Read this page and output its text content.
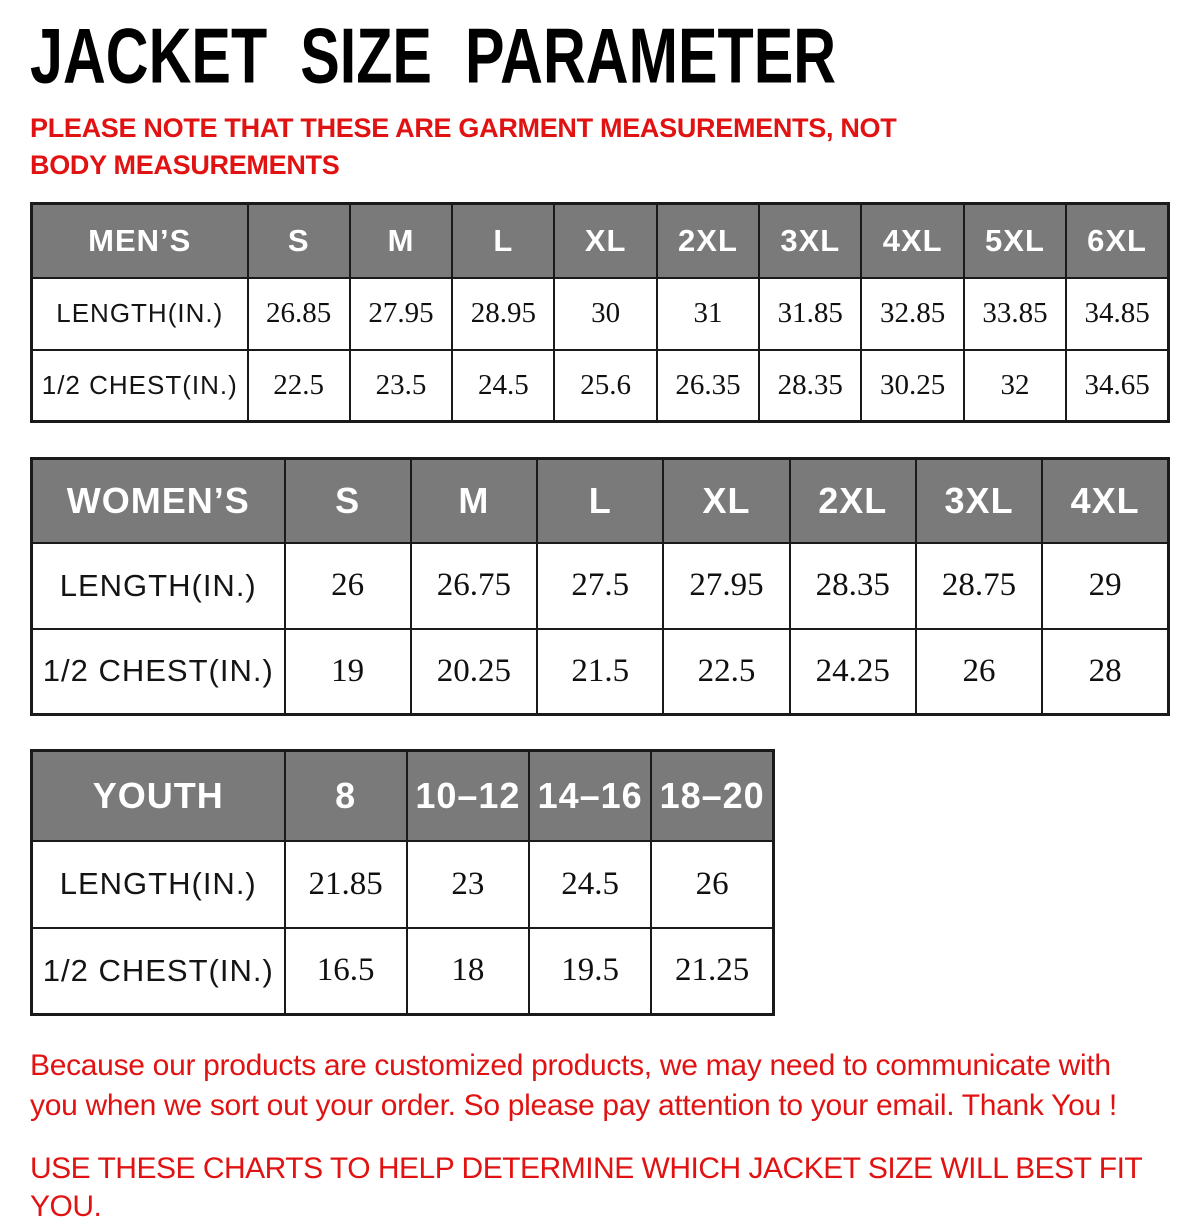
JACKET SIZE PARAMETER

PLEASE NOTE THAT THESE ARE GARMENT MEASUREMENTS, NOT BODY MEASUREMENTS

MEN’S	S	M	L	XL	2XL	3XL	4XL	5XL	6XL
LENGTH(IN.)	26.85	27.95	28.95	30	31	31.85	32.85	33.85	34.85
1/2 CHEST(IN.)	22.5	23.5	24.5	25.6	26.35	28.35	30.25	32	34.65
WOMEN’S	S	M	L	XL	2XL	3XL	4XL
LENGTH(IN.)	26	26.75	27.5	27.95	28.35	28.75	29
1/2 CHEST(IN.)	19	20.25	21.5	22.5	24.25	26	28
YOUTH	8	10–12	14–16	18–20
LENGTH(IN.)	21.85	23	24.5	26
1/2 CHEST(IN.)	16.5	18	19.5	21.25

Because our products are customized products, we may need to communicate with you when we sort out your order. So please pay attention to your email. Thank You !

USE THESE CHARTS TO HELP DETERMINE WHICH JACKET SIZE WILL BEST FIT YOU.
